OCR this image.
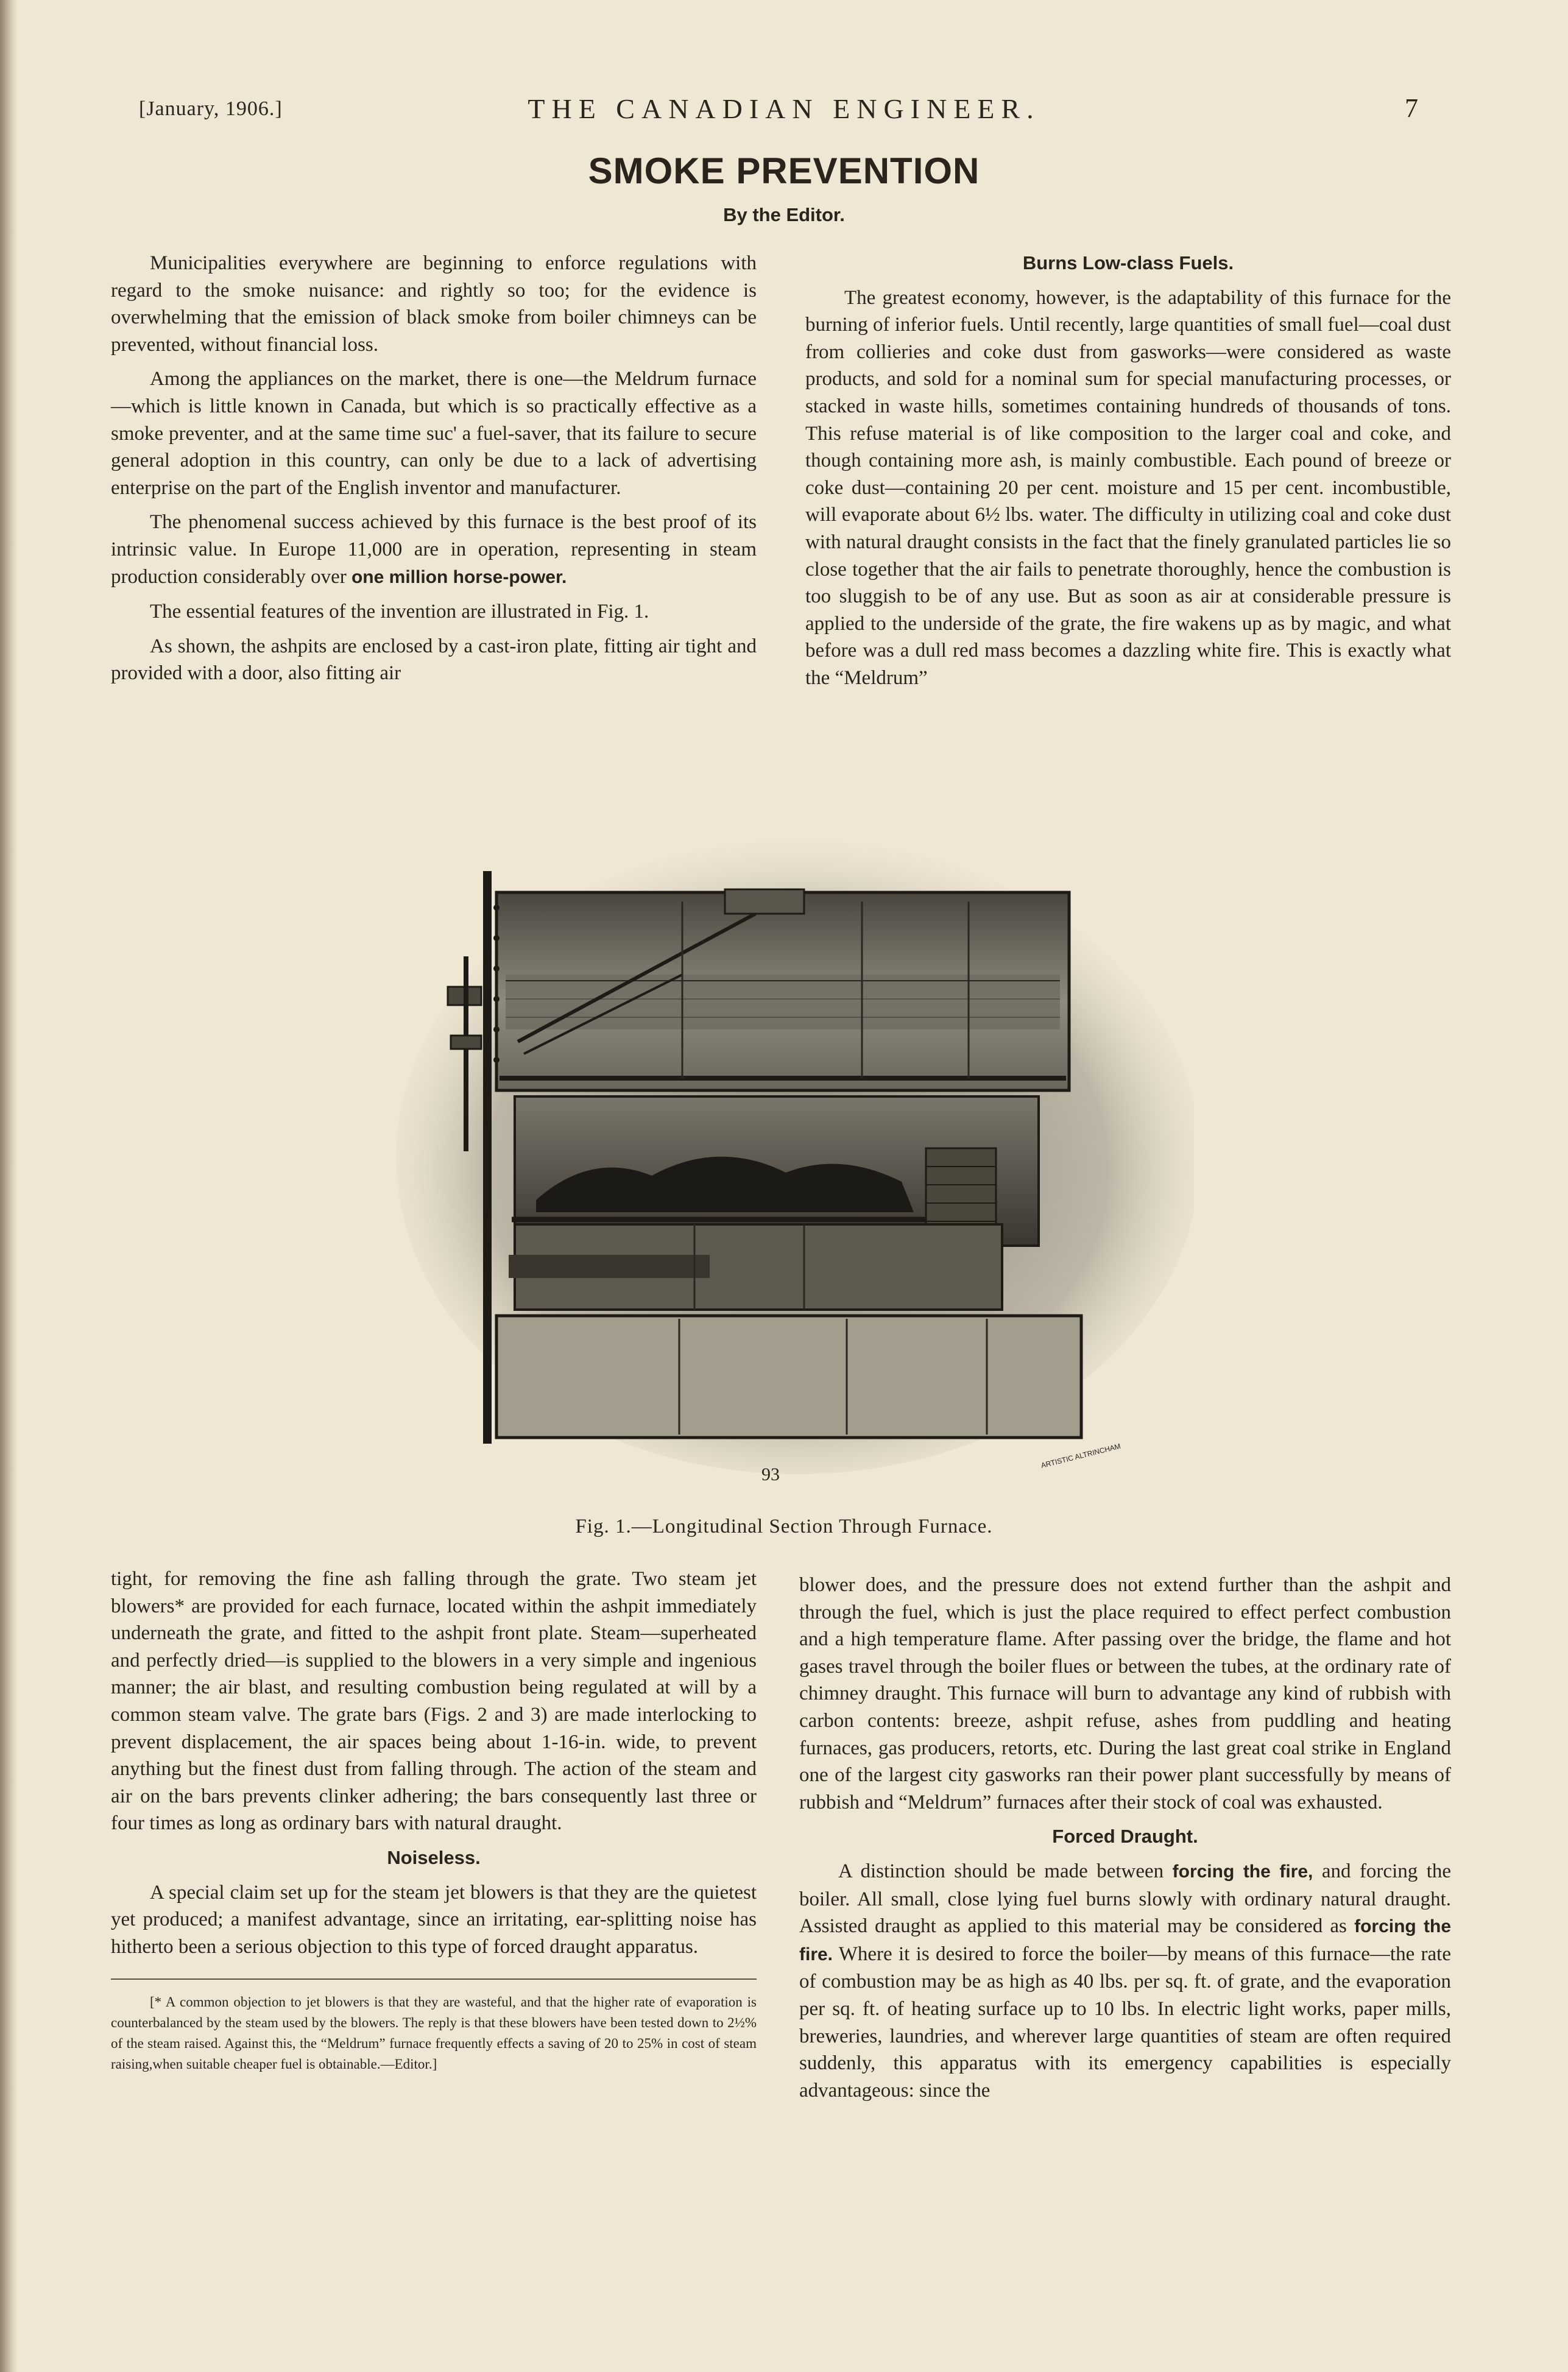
[January, 1906.]	THE CANADIAN ENGINEER.	7
SMOKE PREVENTION
By the Editor.

Municipalities everywhere are beginning to enforce regulations with regard to the smoke nuisance: and rightly so too; for the evidence is overwhelming that the emission of black smoke from boiler chimneys can be prevented, without financial loss.

Among the appliances on the market, there is one—the Meldrum furnace—which is little known in Canada, but which is so practically effective as a smoke preventer, and at the same time suc' a fuel-saver, that its failure to secure general adoption in this country, can only be due to a lack of advertising enterprise on the part of the English inventor and manufacturer.

The phenomenal success achieved by this furnace is the best proof of its intrinsic value. In Europe 11,000 are in operation, representing in steam production considerably over one million horse-power.

The essential features of the invention are illustrated in Fig. 1.

As shown, the ashpits are enclosed by a cast-iron plate, fitting air tight and provided with a door, also fitting air

Burns Low-class Fuels.

The greatest economy, however, is the adaptability of this furnace for the burning of inferior fuels. Until recently, large quantities of small fuel—coal dust from collieries and coke dust from gasworks—were considered as waste products, and sold for a nominal sum for special manufacturing processes, or stacked in waste hills, sometimes containing hundreds of thousands of tons. This refuse material is of like composition to the larger coal and coke, and though containing more ash, is mainly combustible. Each pound of breeze or coke dust—containing 20 per cent. moisture and 15 per cent. incombustible, will evaporate about 6½ lbs. water. The difficulty in utilizing coal and coke dust with natural draught consists in the fact that the finely granulated particles lie so close together that the air fails to penetrate thoroughly, hence the combustion is too sluggish to be of any use. But as soon as air at considerable pressure is applied to the underside of the grate, the fire wakens up as by magic, and what before was a dull red mass becomes a dazzling white fire. This is exactly what the “Meldrum”

93
ARTISTIC ALTRINCHAM
Fig. 1.—Longitudinal Section Through Furnace.

tight, for removing the fine ash falling through the grate. Two steam jet blowers* are provided for each furnace, located within the ashpit immediately underneath the grate, and fitted to the ashpit front plate. Steam—superheated and perfectly dried—is supplied to the blowers in a very simple and ingenious manner; the air blast, and resulting combustion being regulated at will by a common steam valve. The grate bars (Figs. 2 and 3) are made interlocking to prevent displacement, the air spaces being about 1-16-in. wide, to prevent anything but the finest dust from falling through. The action of the steam and air on the bars prevents clinker adhering; the bars consequently last three or four times as long as ordinary bars with natural draught.

Noiseless.

A special claim set up for the steam jet blowers is that they are the quietest yet produced; a manifest advantage, since an irritating, ear-splitting noise has hitherto been a serious objection to this type of forced draught apparatus.

[* A common objection to jet blowers is that they are wasteful, and that the higher rate of evaporation is counterbalanced by the steam used by the blowers. The reply is that these blowers have been tested down to 2½% of the steam raised. Against this, the “Meldrum” furnace frequently effects a saving of 20 to 25% in cost of steam raising,when suitable cheaper fuel is obtainable.—Editor.]

blower does, and the pressure does not extend further than the ashpit and through the fuel, which is just the place required to effect perfect combustion and a high temperature flame. After passing over the bridge, the flame and hot gases travel through the boiler flues or between the tubes, at the ordinary rate of chimney draught. This furnace will burn to advantage any kind of rubbish with carbon contents: breeze, ashpit refuse, ashes from puddling and heating furnaces, gas producers, retorts, etc. During the last great coal strike in England one of the largest city gasworks ran their power plant successfully by means of rubbish and “Meldrum” furnaces after their stock of coal was exhausted.

Forced Draught.

A distinction should be made between forcing the fire, and forcing the boiler. All small, close lying fuel burns slowly with ordinary natural draught. Assisted draught as applied to this material may be considered as forcing the fire. Where it is desired to force the boiler—by means of this furnace—the rate of combustion may be as high as 40 lbs. per sq. ft. of grate, and the evaporation per sq. ft. of heating surface up to 10 lbs. In electric light works, paper mills, breweries, laundries, and wherever large quantities of steam are often required suddenly, this apparatus with its emergency capabilities is especially advantageous: since the
